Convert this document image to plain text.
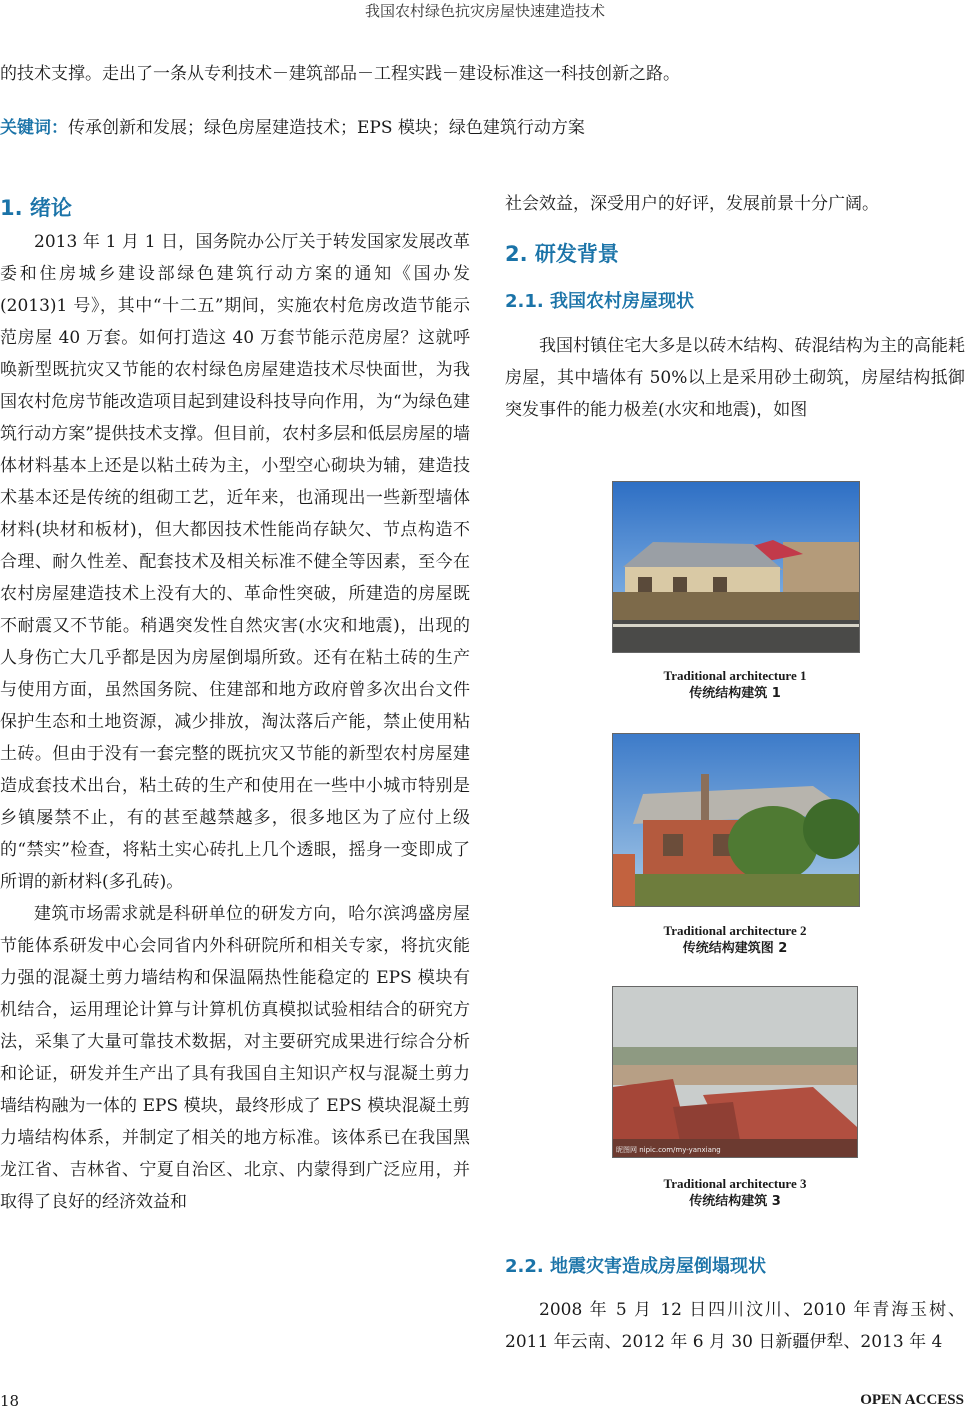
我国农村绿色抗灾房屋快速建造技术
的技术支撑。走出了一条从专利技术－建筑部品－工程实践－建设标准这一科技创新之路。
关键词：传承创新和发展；绿色房屋建造技术；EPS 模块；绿色建筑行动方案
1. 绪论

2013 年 1 月 1 日，国务院办公厅关于转发国家发展改革委和住房城乡建设部绿色建筑行动方案的通知《国办发(2013)1 号》，其中“十二五”期间，实施农村危房改造节能示范房屋 40 万套。如何打造这 40 万套节能示范房屋？这就呼唤新型既抗灾又节能的农村绿色房屋建造技术尽快面世，为我国农村危房节能改造项目起到建设科技导向作用，为“为绿色建筑行动方案”提供技术支撑。但目前，农村多层和低层房屋的墙体材料基本上还是以粘土砖为主，小型空心砌块为辅，建造技术基本还是传统的组砌工艺，近年来，也涌现出一些新型墙体材料(块材和板材)，但大都因技术性能尚存缺欠、节点构造不合理、耐久性差、配套技术及相关标准不健全等因素，至今在农村房屋建造技术上没有大的、革命性突破，所建造的房屋既不耐震又不节能。稍遇突发性自然灾害(水灾和地震)，出现的人身伤亡大几乎都是因为房屋倒塌所致。还有在粘土砖的生产与使用方面，虽然国务院、住建部和地方政府曾多次出台文件保护生态和土地资源，减少排放，淘汰落后产能，禁止使用粘土砖。但由于没有一套完整的既抗灾又节能的新型农村房屋建造成套技术出台，粘土砖的生产和使用在一些中小城市特别是乡镇屡禁不止，有的甚至越禁越多，很多地区为了应付上级的“禁实”检查，将粘土实心砖扎上几个透眼，摇身一变即成了所谓的新材料(多孔砖)。

建筑市场需求就是科研单位的研发方向，哈尔滨鸿盛房屋节能体系研发中心会同省内外科研院所和相关专家，将抗灾能力强的混凝土剪力墙结构和保温隔热性能稳定的 EPS 模块有机结合，运用理论计算与计算机仿真模拟试验相结合的研究方法，采集了大量可靠技术数据，对主要研究成果进行综合分析和论证，研发并生产出了具有我国自主知识产权与混凝土剪力墙结构融为一体的 EPS 模块，最终形成了 EPS 模块混凝土剪力墙结构体系，并制定了相关的地方标准。该体系已在我国黑龙江省、吉林省、宁夏自治区、北京、内蒙得到广泛应用，并取得了良好的经济效益和

社会效益，深受用户的好评，发展前景十分广阔。
2. 研发背景
2.1. 我国农村房屋现状

我国村镇住宅大多是以砖木结构、砖混结构为主的高能耗房屋，其中墙体有 50%以上是采用砂土砌筑，房屋结构抵御突发事件的能力极差(水灾和地震)，如图

Traditional architecture 1
传统结构建筑 1
Traditional architecture 2
传统结构建筑图 2
昵图网 nipic.com/my-yanxiang
Traditional architecture 3
传统结构建筑 3
2.2. 地震灾害造成房屋倒塌现状

2008 年 5 月 12 日四川汶川、2010 年青海玉树、2011 年云南、2012 年 6 月 30 日新疆伊犁、2013 年 4

18	OPEN ACCESS
